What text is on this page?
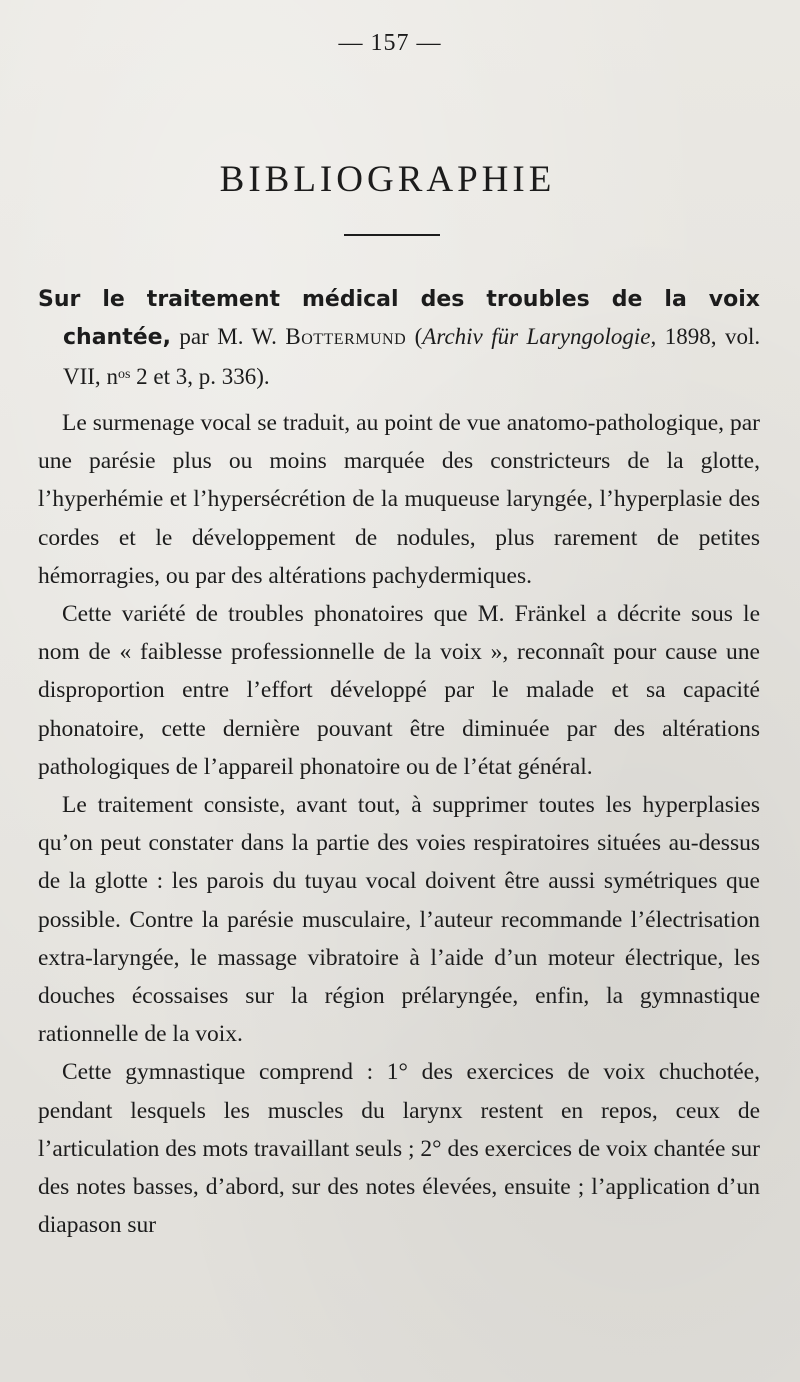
— 157 —
BIBLIOGRAPHIE

Sur le traitement médical des troubles de la voix chantée, par M. W. Bottermund (Archiv für Laryngologie, 1898, vol. VII, $n^{os}$ 2 et 3, p. 336).

Le surmenage vocal se traduit, au point de vue anatomo-pathologique, par une parésie plus ou moins marquée des constricteurs de la glotte, l’hyperhémie et l’hypersécrétion de la muqueuse laryngée, l’hyperplasie des cordes et le développement de nodules, plus rarement de petites hémorragies, ou par des altérations pachydermiques.

Cette variété de troubles phonatoires que M. Fränkel a décrite sous le nom de « faiblesse professionnelle de la voix », reconnaît pour cause une disproportion entre l’effort développé par le malade et sa capacité phonatoire, cette dernière pouvant être diminuée par des altérations pathologiques de l’appareil phonatoire ou de l’état général.

Le traitement consiste, avant tout, à supprimer toutes les hyperplasies qu’on peut constater dans la partie des voies respiratoires situées au-dessus de la glotte : les parois du tuyau vocal doivent être aussi symétriques que possible. Contre la parésie musculaire, l’auteur recommande l’électrisation extra-laryngée, le massage vibratoire à l’aide d’un moteur électrique, les douches écossaises sur la région prélaryngée, enfin, la gymnastique rationnelle de la voix.

Cette gymnastique comprend : 1° des exercices de voix chuchotée, pendant lesquels les muscles du larynx restent en repos, ceux de l’articulation des mots travaillant seuls ; 2° des exercices de voix chantée sur des notes basses, d’abord, sur des notes élevées, ensuite ; l’application d’un diapason sur
